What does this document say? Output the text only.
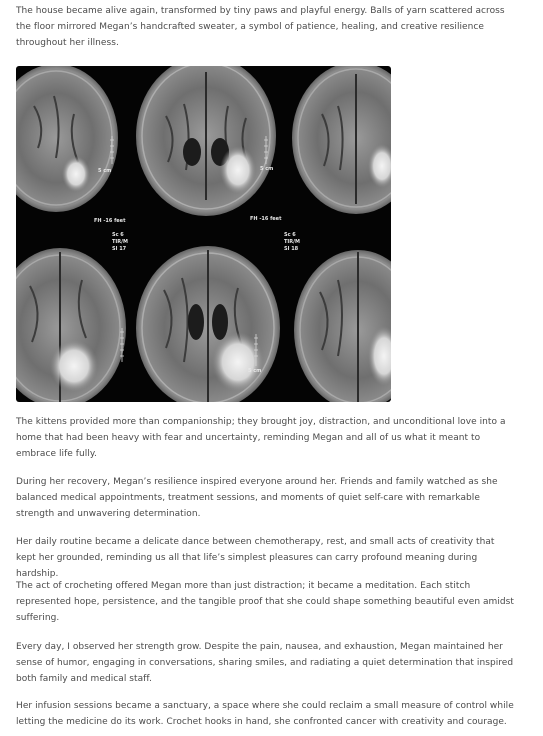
The house became alive again, transformed by tiny paws and playful energy. Balls of yarn scattered across the floor mirrored Megan’s handcrafted sweater, a symbol of patience, healing, and creative resilience throughout her illness.

FH -16 feet	FH -16 feet
Sc 6
TIR/M
SI 17
Sc 6
TIR/M
SI 18
5 cm	5 cm
5 cm

The kittens provided more than companionship; they brought joy, distraction, and unconditional love into a home that had been heavy with fear and uncertainty, reminding Megan and all of us what it meant to embrace life fully.

During her recovery, Megan’s resilience inspired everyone around her. Friends and family watched as she balanced medical appointments, treatment sessions, and moments of quiet self-care with remarkable strength and unwavering determination.

Her daily routine became a delicate dance between chemotherapy, rest, and small acts of creativity that kept her grounded, reminding us all that life’s simplest pleasures can carry profound meaning during hardship.

The act of crocheting offered Megan more than just distraction; it became a meditation. Each stitch represented hope, persistence, and the tangible proof that she could shape something beautiful even amidst suffering.

Every day, I observed her strength grow. Despite the pain, nausea, and exhaustion, Megan maintained her sense of humor, engaging in conversations, sharing smiles, and radiating a quiet determination that inspired both family and medical staff.

Her infusion sessions became a sanctuary, a space where she could reclaim a small measure of control while letting the medicine do its work. Crochet hooks in hand, she confronted cancer with creativity and courage.
